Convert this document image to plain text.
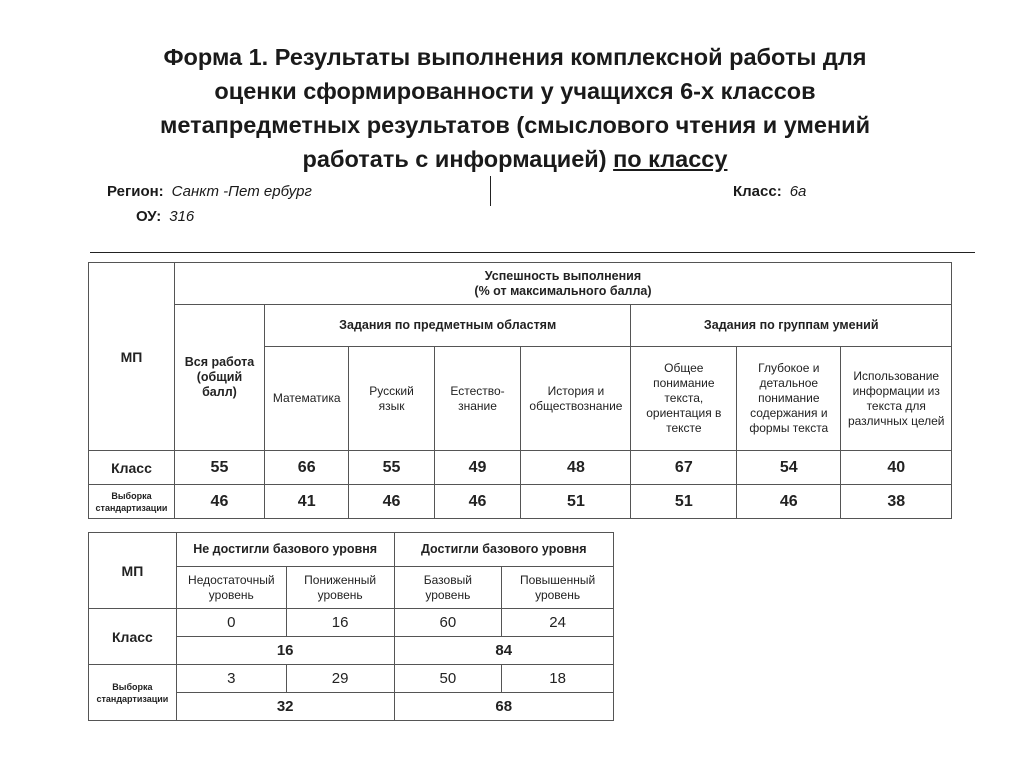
Форма 1. Результаты выполнения комплексной работы для
оценки сформированности у учащихся 6-х классов
метапредметных результатов (смыслового чтения и умений
работать с информацией) по классу
Регион: Санкт -Пет ербург
ОУ: 316
Класс: 6а
МП	Успешность выполнения
(% от максимального балла)							

	Вся работа (общий балл)	Задания по предметным областям				Задания по группам умений		
		Математика	Русский язык	Естество-знание	История и обществознание	Общее понимание текста, ориентация в тексте	Глубокое и детальное понимание содержания и формы текста	Использование информации из текста для различных целей
Класс	55	66	55	49	48	67	54	40
Выборка стандартизации	46	41	46	46	51	51	46	38
МП	Не достигли базового уровня		Достигли базового уровня	
	Недостаточный уровень	Пониженный уровень	Базовый уровень	Повышенный уровень
Класс	0	16	60	24
	16		84	
Выборка стандартизации	3	29	50	18
	32		68	
